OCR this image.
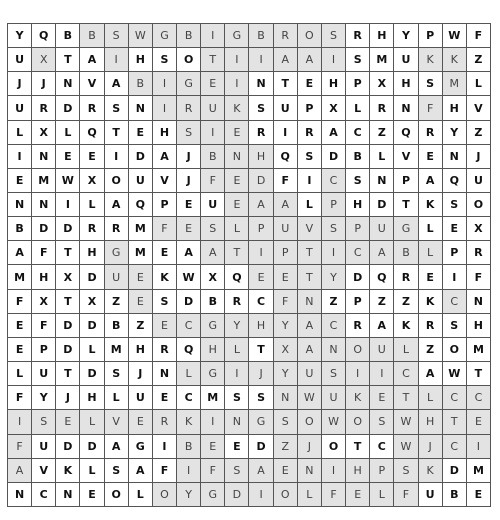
Y	Q	B	B	S	W	G	B	I	G	B	R	O	S	R	H	Y	P	W	F
U	X	T	A	I	H	S	O	T	I	I	A	A	I	S	M	U	K	K	Z
J	J	N	V	A	B	I	G	E	I	N	T	E	H	P	X	H	S	M	L
U	R	D	R	S	N	I	R	U	K	S	U	P	X	L	R	N	F	H	V
L	X	L	Q	T	E	H	S	I	E	R	I	R	A	C	Z	Q	R	Y	Z
I	N	E	E	I	D	A	J	B	N	H	Q	S	D	B	L	V	E	N	J
E	M	W	X	O	U	V	J	F	E	D	F	I	C	S	N	P	A	Q	U
N	N	I	L	A	Q	P	E	U	E	A	A	L	P	H	D	T	K	S	O
B	D	D	R	R	M	F	E	S	L	P	U	V	S	P	U	G	L	E	X
A	F	T	H	G	M	E	A	A	T	I	P	T	I	C	A	B	L	P	R
M	H	X	D	U	E	K	W	X	Q	E	E	T	Y	D	Q	R	E	I	F
F	X	T	X	Z	E	S	D	B	R	C	F	N	Z	P	Z	Z	K	C	N
E	F	D	D	B	Z	E	C	G	Y	H	Y	A	C	R	A	K	R	S	H
E	P	D	L	M	H	R	Q	H	L	T	X	A	N	O	U	L	Z	O	M
L	U	T	D	S	J	N	L	G	I	J	Y	U	S	I	I	C	A	W	T
F	Y	J	H	L	U	E	C	M	S	S	N	W	U	K	E	T	L	C	C
I	S	E	L	V	E	R	K	I	N	G	S	O	W	O	S	W	H	T	E
F	U	D	D	A	G	I	B	E	E	D	Z	J	O	T	C	W	J	C	I
A	V	K	L	S	A	F	I	F	S	A	E	N	I	H	P	S	K	D	M
N	C	N	E	O	L	O	Y	G	D	I	O	L	F	E	L	F	U	B	E
